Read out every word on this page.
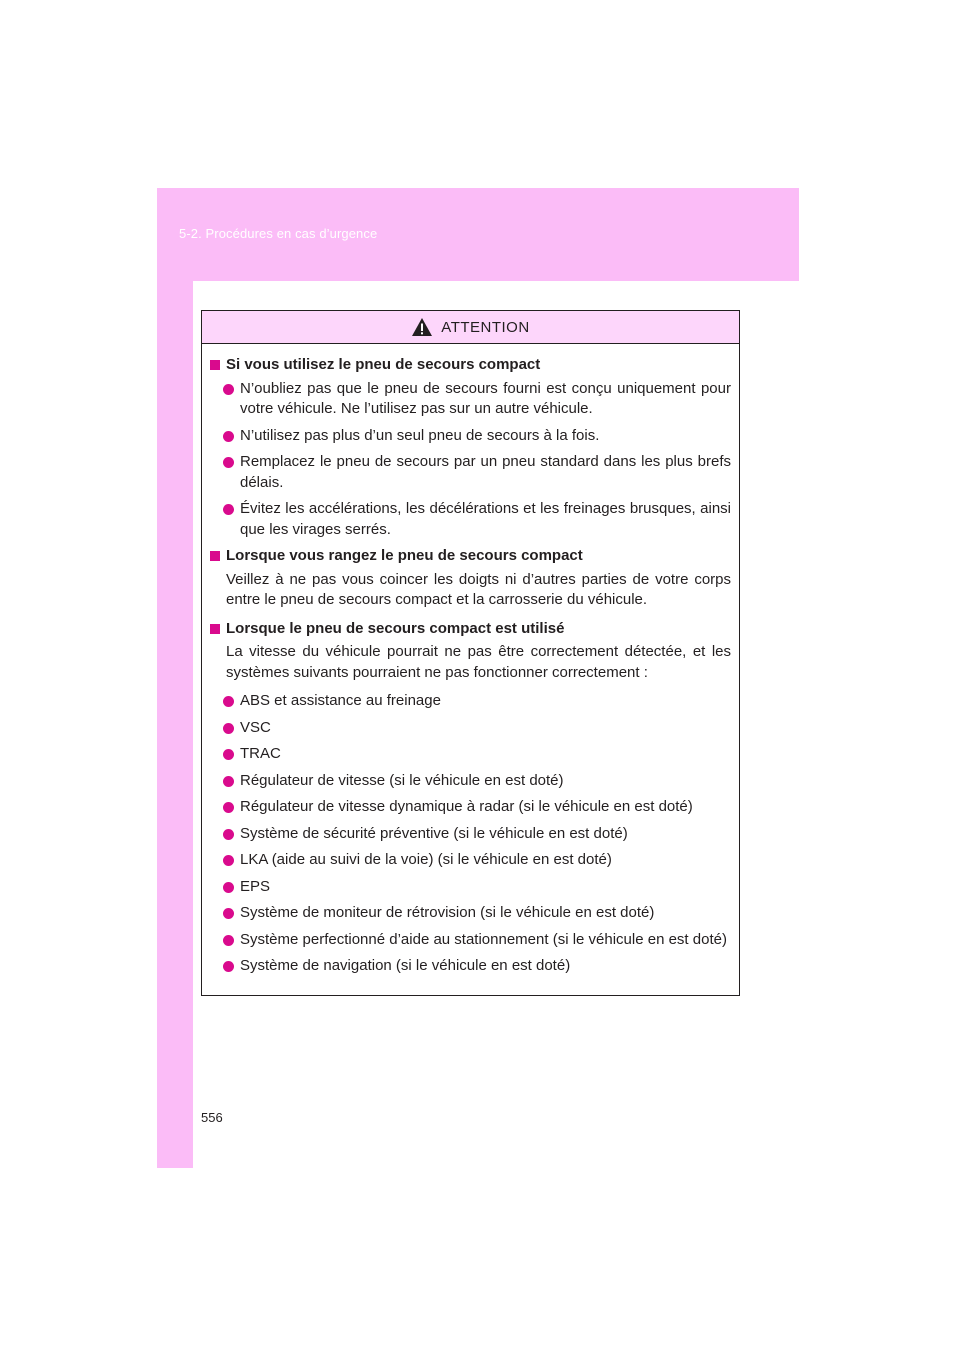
5-2. Procédures en cas d’urgence
ATTENTION
Si vous utilisez le pneu de secours compact
N’oubliez pas que le pneu de secours fourni est conçu uniquement pour votre véhicule. Ne l’utilisez pas sur un autre véhicule.
N’utilisez pas plus d’un seul pneu de secours à la fois.
Remplacez le pneu de secours par un pneu standard dans les plus brefs délais.
Évitez les accélérations, les décélérations et les freinages brusques, ainsi que les virages serrés.
Lorsque vous rangez le pneu de secours compact
Veillez à ne pas vous coincer les doigts ni d’autres parties de votre corps entre le pneu de secours compact et la carrosserie du véhicule.
Lorsque le pneu de secours compact est utilisé
La vitesse du véhicule pourrait ne pas être correctement détectée, et les systèmes suivants pourraient ne pas fonctionner correctement :
ABS et assistance au freinage
VSC
TRAC
Régulateur de vitesse (si le véhicule en est doté)
Régulateur de vitesse dynamique à radar (si le véhicule en est doté)
Système de sécurité préventive (si le véhicule en est doté)
LKA (aide au suivi de la voie) (si le véhicule en est doté)
EPS
Système de moniteur de rétrovision (si le véhicule en est doté)
Système perfectionné d’aide au stationnement (si le véhicule en est doté)
Système de navigation (si le véhicule en est doté)
556
